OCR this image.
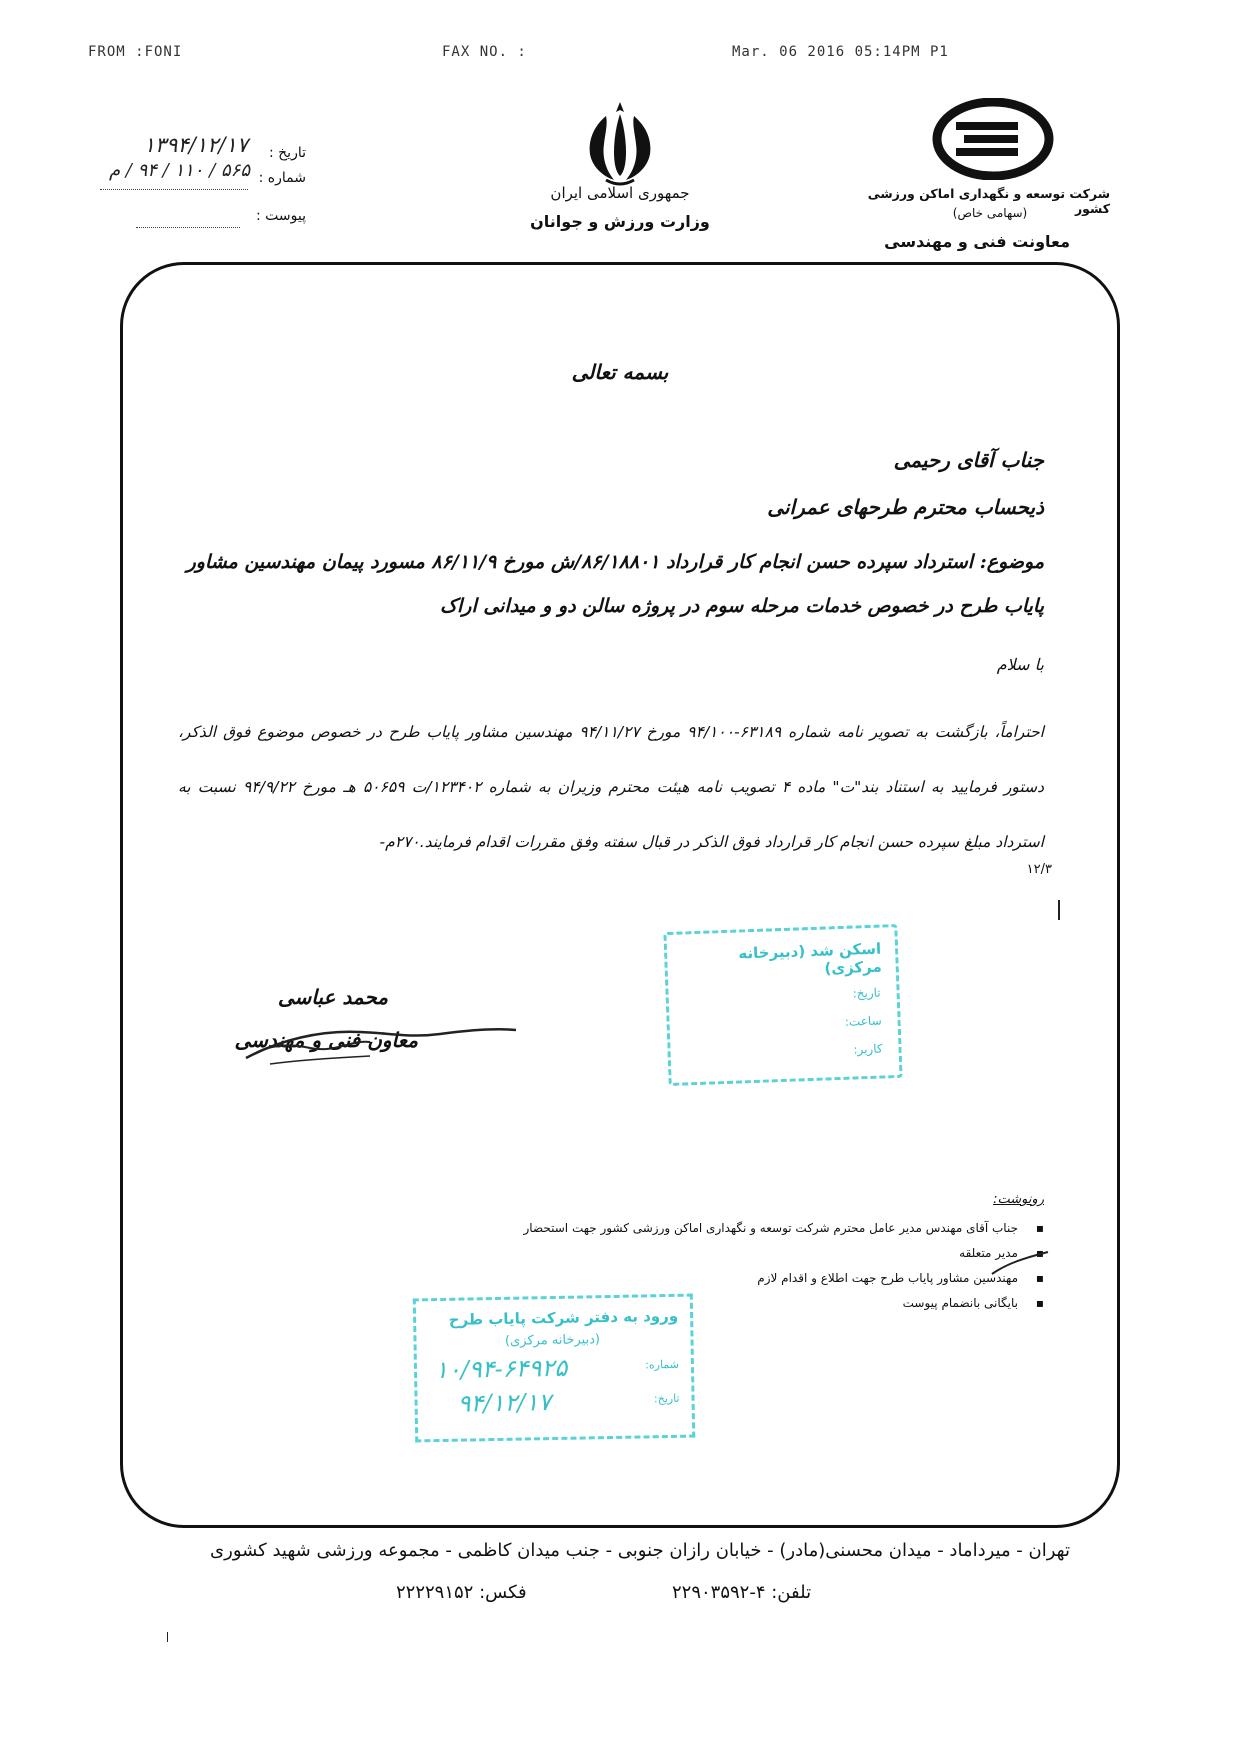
FROM :FONI	FAX NO. :	Mar. 06 2016 05:14PM P1
جمهوری اسلامی ایران
وزارت ورزش و جوانان
شرکت توسعه و نگهداری اماکن ورزشی کشور
(سهامی خاص)
معاونت فنی و مهندسی
تاریخ :
۱۳۹۴/۱۲/۱۷
شماره :
۵۶۵ / ۱۱۰ / ۹۴ / م
پیوست :
بسمه تعالی
جناب آقای رحیمی
ذیحساب محترم طرحهای عمرانی
موضوع: استرداد سپرده حسن انجام کار قرارداد ۸۶/۱۸۸۰۱/ش مورخ ۸۶/۱۱/۹ مسورد پیمان مهندسین مشاور پایاب طرح در خصوص خدمات مرحله سوم در پروژه سالن دو و میدانی اراک
با سلام
احتراماً، بازگشت به تصویر نامه شماره ۶۳۱۸۹-۹۴/۱۰۰ مورخ ۹۴/۱۱/۲۷ مهندسین مشاور پایاب طرح در خصوص موضوع فوق الذکر، دستور فرمایید به استناد بند"ت" ماده ۴ تصویب نامه هیئت محترم وزیران به شماره ۱۲۳۴۰۲/ت ۵۰۶۵۹ هـ مورخ ۹۴/۹/۲۲ نسبت به استرداد مبلغ سپرده حسن انجام کار قرارداد فوق الذکر در قبال سفته وفق مقررات اقدام فرمایند.۲۷۰م-
۱۲/۳
اسکن شد (دبیرخانه مرکزی)
تاریخ:
ساعت:
کاربر:
محمد عباسی
معاون فنی و مهندسی
رونوشت:
▪ جناب آقای مهندس مدیر عامل محترم شرکت توسعه و نگهداری اماکن ورزشی کشور جهت استحضار
▪ مدیر متعلقه
▪ مهندسین مشاور پایاب طرح جهت اطلاع و اقدام لازم
▪ بایگانی بانضمام پیوست
ورود به دفتر شرکت پایاب طرح
(دبیرخانه مرکزی)
شماره:
۱۰/۹۴-۶۴۹۲۵
تاریخ:
۹۴/۱۲/۱۷
تهران - میرداماد - میدان محسنی(مادر) - خیابان رازان جنوبی - جنب میدان کاظمی - مجموعه ورزشی شهید کشوری
فکس: ۲۲۲۲۹۱۵۲	تلفن: ۴-۲۲۹۰۳۵۹۲
